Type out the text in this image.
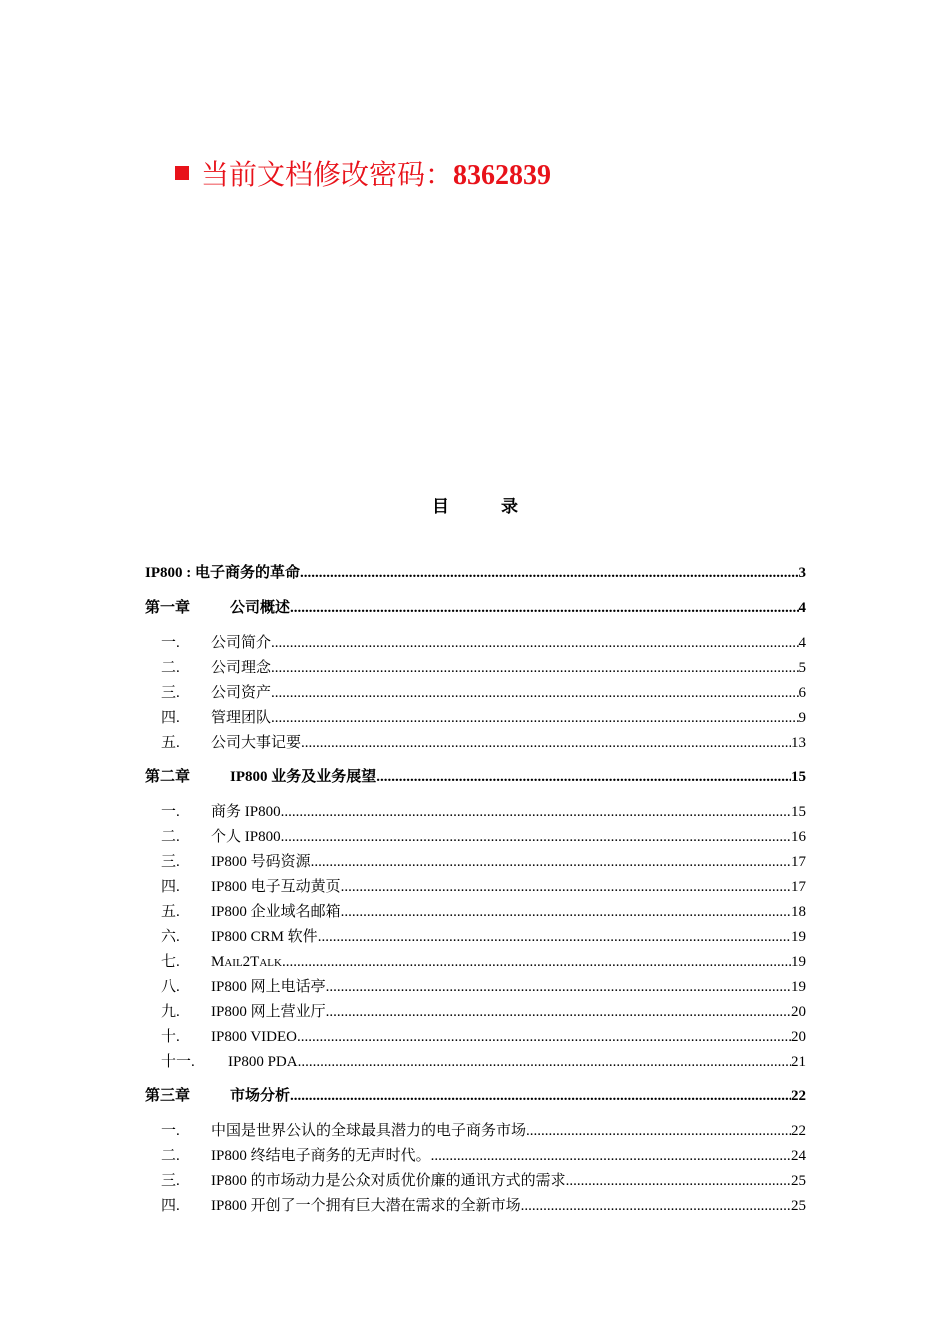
当前文档修改密码：8362839
目	录
IP800 : 电子商务的革命 .....	3
第一章	公司概述 .....	4
一.	公司简介 .....	4
二.	公司理念 .....	5
三.	公司资产 .....	6
四.	管理团队 .....	9
五.	公司大事记要 .....	13
第二章	IP800 业务及业务展望 .....	15
一.	商务 IP800 .....	15
二.	个人 IP800 .....	16
三.	IP800 号码资源 .....	17
四.	IP800 电子互动黄页 .....	17
五.	IP800 企业域名邮箱 .....	18
六.	IP800 CRM 软件 .....	19
七.	Mail2Talk .....	19
八.	IP800 网上电话亭 .....	19
九.	IP800 网上营业厅 .....	20
十.	IP800 VIDEO .....	20
十一.	IP800 PDA .....	21
第三章	市场分析 .....	22
一.	中国是世界公认的全球最具潜力的电子商务市场 .....	22
二.	IP800 终结电子商务的无声时代。 .....	24
三.	IP800 的市场动力是公众对质优价廉的通讯方式的需求 .....	25
四.	IP800 开创了一个拥有巨大潜在需求的全新市场 .....	25
